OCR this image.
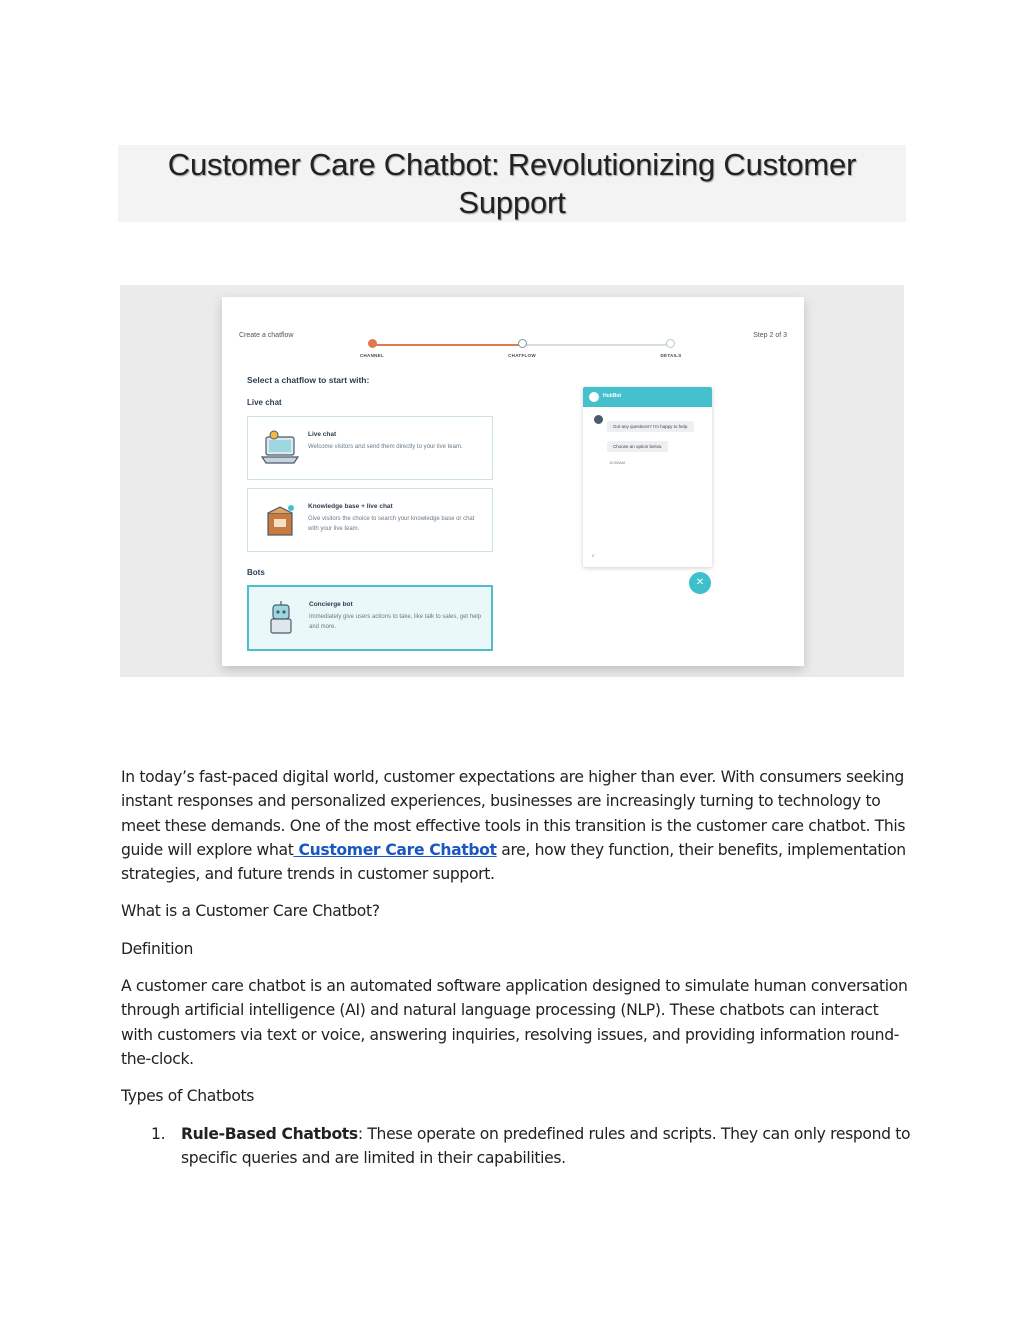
Customer Care Chatbot: Revolutionizing Customer
Support
Create a chatflow	Step 2 of 3
CHANNEL	CHATFLOW	DETAILS
Select a chatflow to start with:
Live chat
Live chat
Welcome visitors and send them directly to your live team.
Knowledge base + live chat
Give visitors the choice to search your knowledge base or chat with your live team.
Bots
Concierge bot
Immediately give users actions to take, like talk to sales, get help and more.
HubBot
Got any questions? I'm happy to help.
Choose an option below.
10:50AM
↲
✕

In today’s fast-paced digital world, customer expectations are higher than ever. With consumers seeking instant responses and personalized experiences, businesses are increasingly turning to technology to meet these demands. One of the most effective tools in this transition is the customer care chatbot. This guide will explore what Customer Care Chatbot are, how they function, their benefits, implementation strategies, and future trends in customer support.

What is a Customer Care Chatbot?

Definition

A customer care chatbot is an automated software application designed to simulate human conversation through artificial intelligence (AI) and natural language processing (NLP). These chatbots can interact with customers via text or voice, answering inquiries, resolving issues, and providing information round-the-clock.

Types of Chatbots

1. Rule-Based Chatbots: These operate on predefined rules and scripts. They can only respond to specific queries and are limited in their capabilities.
